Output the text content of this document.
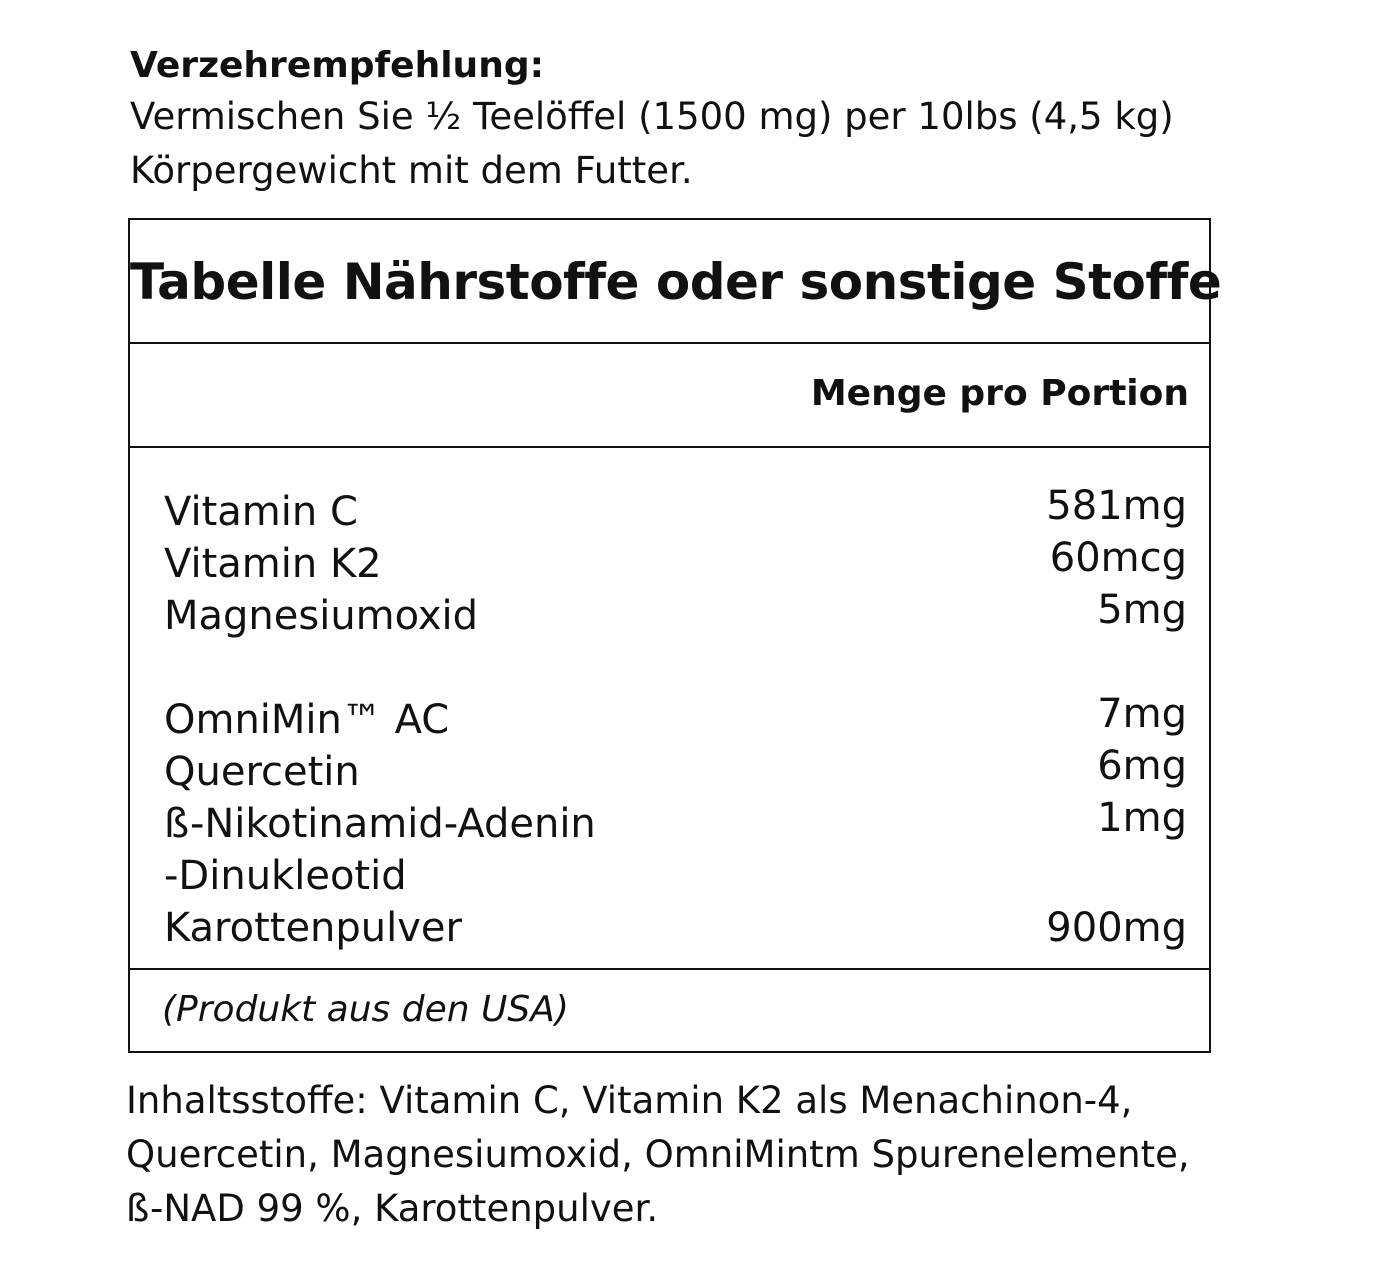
Verzehrempfehlung:
Vermischen Sie ½ Teelöffel (1500 mg) per 10lbs (4,5 kg)
Körpergewicht mit dem Futter.
Tabelle Nährstoffe oder sonstige Stoffe
Menge pro Portion
Vitamin C	581mg
Vitamin K2	60mcg
Magnesiumoxid	5mg
OmniMin™ AC	7mg
Quercetin	6mg
ß-Nikotinamid-Adenin	1mg
-Dinukleotid
Karottenpulver	900mg
(Produkt aus den USA)
Inhaltsstoffe: Vitamin C, Vitamin K2 als Menachinon-4,
Quercetin, Magnesiumoxid, OmniMintm Spurenelemente,
ß-NAD 99 %, Karottenpulver.
